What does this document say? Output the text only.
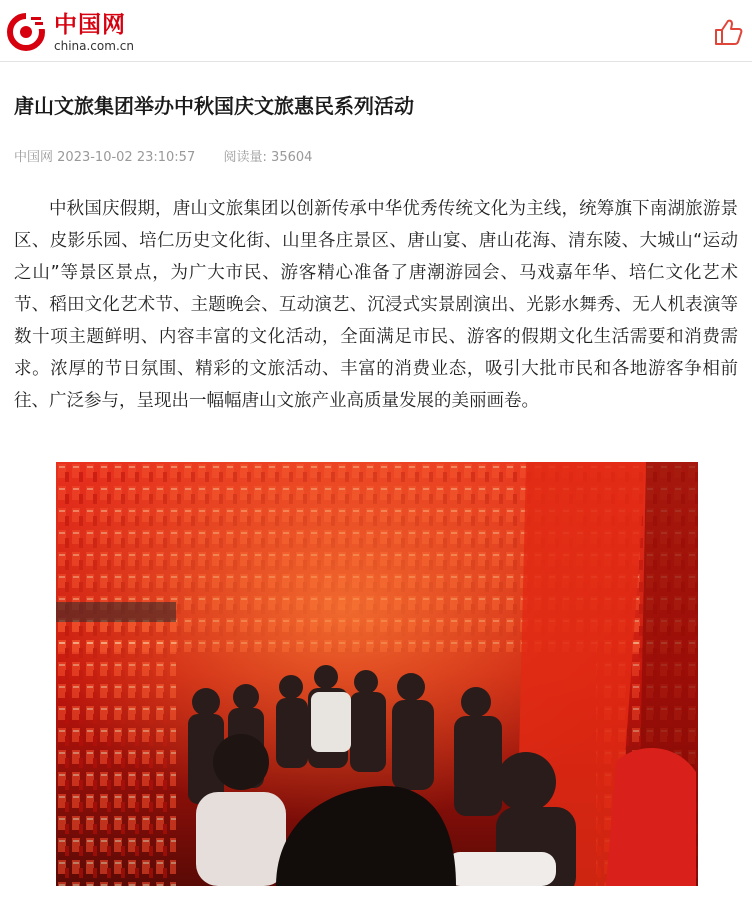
中国网
china.com.cn
唐山文旅集团举办中秋国庆文旅惠民系列活动
中国网 2023-10-02 23:10:57 阅读量: 35604

中秋国庆假期，唐山文旅集团以创新传承中华优秀传统文化为主线，统筹旗下南湖旅游景区、皮影乐园、培仁历史文化街、山里各庄景区、唐山宴、唐山花海、清东陵、大城山“运动之山”等景区景点，为广大市民、游客精心准备了唐潮游园会、马戏嘉年华、培仁文化艺术节、稻田文化艺术节、主题晚会、互动演艺、沉浸式实景剧演出、光影水舞秀、无人机表演等数十项主题鲜明、内容丰富的文化活动，全面满足市民、游客的假期文化生活需要和消费需求。浓厚的节日氛围、精彩的文旅活动、丰富的消费业态，吸引大批市民和各地游客争相前往、广泛参与，呈现出一幅幅唐山文旅产业高质量发展的美丽画卷。
